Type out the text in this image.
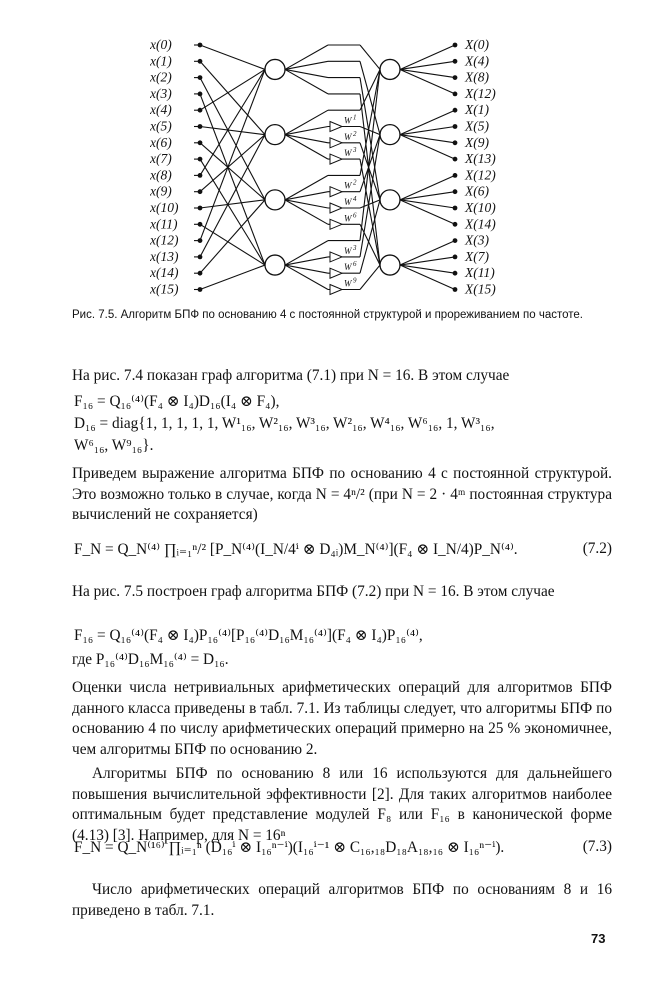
x(0)	X(0)
x(1)	X(4)
x(2)	X(8)
x(3)	X(12)
x(4)	X(1)
x(5)	X(5)
x(6)	X(9)
x(7)	X(13)
x(8)	X(12)
x(9)	X(6)
x(10)	X(10)
x(11)	X(14)
x(12)	X(3)
x(13)	X(7)
x(14)	X(11)
x(15)	X(15)
W 1
W 2
W 3
W 2
W 4
W 6
W 3
W 6
W 9
Рис. 7.5. Алгоритм БПФ по основанию 4 с постоянной структурой и прореживанием по частоте.
На рис. 7.4 показан граф алгоритма (7.1) при N = 16. В этом случае
F₁₆ = Q₁₆⁽⁴⁾(F₄ ⊗ I₄)D₁₆(I₄ ⊗ F₄),
D₁₆ = diag{1, 1, 1, 1, 1, W¹₁₆, W²₁₆, W³₁₆, W²₁₆, W⁴₁₆, W⁶₁₆, 1, W³₁₆,
W⁶₁₆, W⁹₁₆}.
Приведем выражение алгоритма БПФ по основанию 4 с постоянной структурой. Это возможно только в случае, когда N = 4ⁿ/² (при N = 2 · 4ᵐ постоянная структура вычислений не сохраняется)
F_N = Q_N⁽⁴⁾ ∏ᵢ₌₁ⁿ/² [P_N⁽⁴⁾(I_N/4ⁱ ⊗ D₄ᵢ)M_N⁽⁴⁾](F₄ ⊗ I_N/4)P_N⁽⁴⁾.	(7.2)
На рис. 7.5 построен граф алгоритма БПФ (7.2) при N = 16. В этом случае
F₁₆ = Q₁₆⁽⁴⁾(F₄ ⊗ I₄)P₁₆⁽⁴⁾[P₁₆⁽⁴⁾D₁₆M₁₆⁽⁴⁾](F₄ ⊗ I₄)P₁₆⁽⁴⁾,
где P₁₆⁽⁴⁾D₁₆M₁₆⁽⁴⁾ = D₁₆.
Оценки числа нетривиальных арифметических операций для алгоритмов БПФ данного класса приведены в табл. 7.1. Из таблицы следует, что алгоритмы БПФ по основанию 4 по числу арифметических операций примерно на 25 % экономичнее, чем алгоритмы БПФ по основанию 2.
Алгоритмы БПФ по основанию 8 или 16 используются для дальнейшего повышения вычислительной эффективности [2]. Для таких алгоритмов наиболее оптимальным будет представление модулей F₈ или F₁₆ в канонической форме (4.13) [3]. Например, для N = 16ⁿ
F_N = Q_N⁽¹⁶⁾ ∏ᵢ₌₁ⁿ (D₁₆ⁱ ⊗ I₁₆ⁿ⁻ⁱ)(I₁₆ⁱ⁻¹ ⊗ C₁₆,₁₈D₁₈A₁₈,₁₆ ⊗ I₁₆ⁿ⁻ⁱ).	(7.3)
Число арифметических операций алгоритмов БПФ по основаниям 8 и 16 приведено в табл. 7.1.
73
